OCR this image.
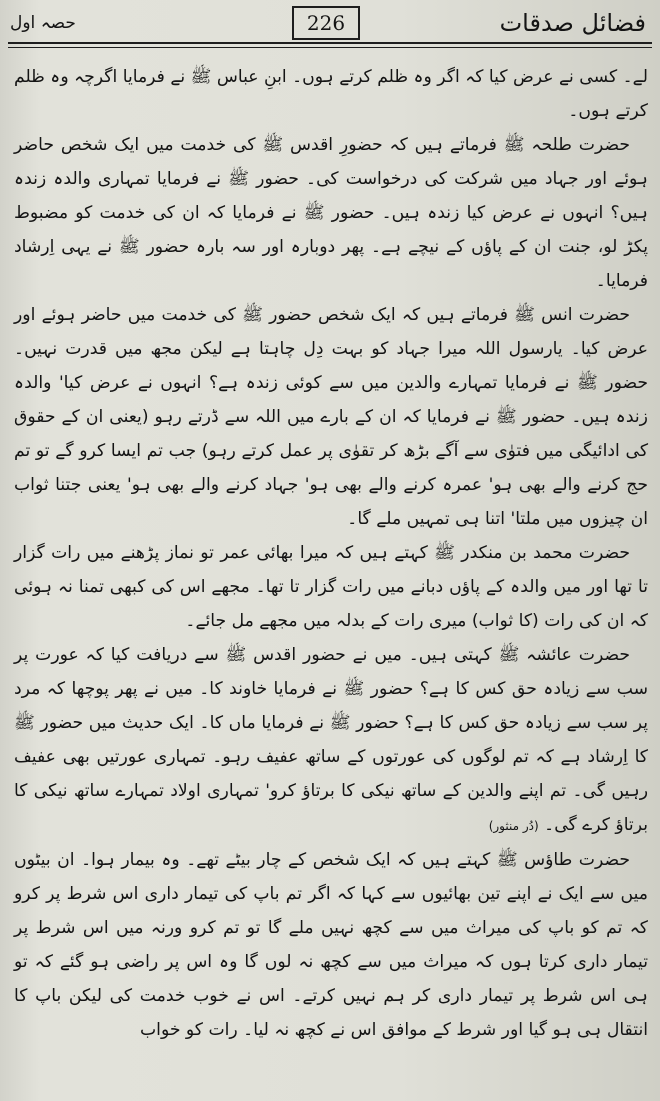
فضائل صدقات
226
حصہ اول

لے۔ کسی نے عرض کیا کہ اگر وہ ظلم کرتے ہوں۔ ابنِ عباس ﷺ نے فرمایا اگرچہ وہ ظلم کرتے ہوں۔

حضرت طلحہ ﷺ فرماتے ہیں کہ حضورِ اقدس ﷺ کی خدمت میں ایک شخص حاضر ہوئے اور جہاد میں شرکت کی درخواست کی۔ حضور ﷺ نے فرمایا تمہاری والدہ زندہ ہیں؟ انہوں نے عرض کیا زندہ ہیں۔ حضور ﷺ نے فرمایا کہ ان کی خدمت کو مضبوط پکڑ لو، جنت ان کے پاؤں کے نیچے ہے۔ پھر دوبارہ اور سہ بارہ حضور ﷺ نے یہی اِرشاد فرمایا۔

حضرت انس ﷺ فرماتے ہیں کہ ایک شخص حضور ﷺ کی خدمت میں حاضر ہوئے اور عرض کیا۔ یارسول اللہ میرا جہاد کو بہت دِل چاہتا ہے لیکن مجھ میں قدرت نہیں۔ حضور ﷺ نے فرمایا تمہارے والدین میں سے کوئی زندہ ہے؟ انہوں نے عرض کیا' والدہ زندہ ہیں۔ حضور ﷺ نے فرمایا کہ ان کے بارے میں اللہ سے ڈرتے رہو (یعنی ان کے حقوق کی ادائیگی میں فتوٰی سے آگے بڑھ کر تقوٰی پر عمل کرتے رہو) جب تم ایسا کرو گے تو تم حج کرنے والے بھی ہو' عمرہ کرنے والے بھی ہو' جہاد کرنے والے بھی ہو' یعنی جتنا ثواب ان چیزوں میں ملتا' اتنا ہی تمہیں ملے گا۔

حضرت محمد بن منکدر ﷺ کہتے ہیں کہ میرا بھائی عمر تو نماز پڑھنے میں رات گزار تا تھا اور میں والدہ کے پاؤں دبانے میں رات گزار تا تھا۔ مجھے اس کی کبھی تمنا نہ ہوئی کہ ان کی رات (کا ثواب) میری رات کے بدلہ میں مجھے مل جائے۔

حضرت عائشہ ﷺ کہتی ہیں۔ میں نے حضور اقدس ﷺ سے دریافت کیا کہ عورت پر سب سے زیادہ حق کس کا ہے؟ حضور ﷺ نے فرمایا خاوند کا۔ میں نے پھر پوچھا کہ مرد پر سب سے زیادہ حق کس کا ہے؟ حضور ﷺ نے فرمایا ماں کا۔ ایک حدیث میں حضور ﷺ کا اِرشاد ہے کہ تم لوگوں کی عورتوں کے ساتھ عفیف رہو۔ تمہاری عورتیں بھی عفیف رہیں گی۔ تم اپنے والدین کے ساتھ نیکی کا برتاؤ کرو' تمہاری اولاد تمہارے ساتھ نیکی کا برتاؤ کرے گی۔ (دُر منثور)

حضرت طاؤس ﷺ کہتے ہیں کہ ایک شخص کے چار بیٹے تھے۔ وہ بیمار ہوا۔ ان بیٹوں میں سے ایک نے اپنے تین بھائیوں سے کہا کہ اگر تم باپ کی تیمار داری اس شرط پر کرو کہ تم کو باپ کی میراث میں سے کچھ نہیں ملے گا تو تم کرو ورنہ میں اس شرط پر تیمار داری کرتا ہوں کہ میراث میں سے کچھ نہ لوں گا وہ اس پر راضی ہو گئے کہ تو ہی اس شرط پر تیمار داری کر ہم نہیں کرتے۔ اس نے خوب خدمت کی لیکن باپ کا انتقال ہی ہو گیا اور شرط کے موافق اس نے کچھ نہ لیا۔ رات کو خواب
